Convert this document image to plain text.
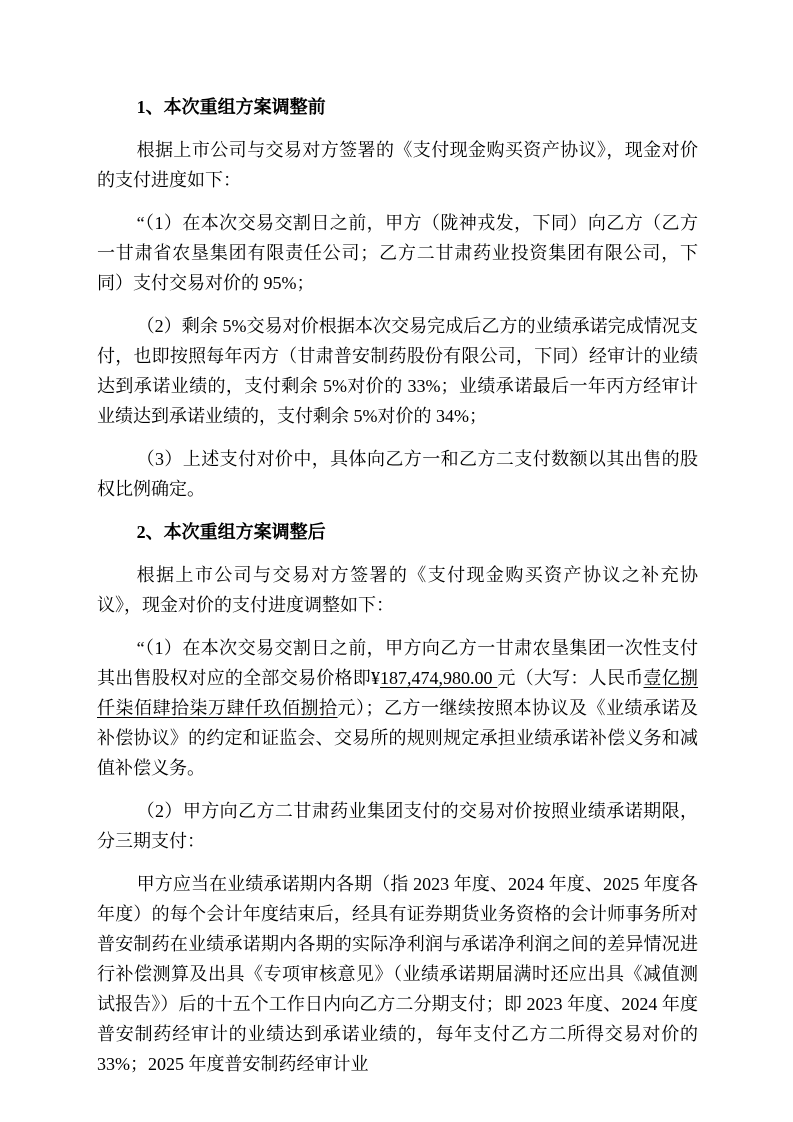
1、本次重组方案调整前

根据上市公司与交易对方签署的《支付现金购买资产协议》，现金对价的支付进度如下：

“（1）在本次交易交割日之前，甲方（陇神戎发，下同）向乙方（乙方一甘肃省农垦集团有限责任公司；乙方二甘肃药业投资集团有限公司，下同）支付交易对价的 95%；

（2）剩余 5%交易对价根据本次交易完成后乙方的业绩承诺完成情况支付，也即按照每年丙方（甘肃普安制药股份有限公司，下同）经审计的业绩达到承诺业绩的，支付剩余 5%对价的 33%；业绩承诺最后一年丙方经审计业绩达到承诺业绩的，支付剩余 5%对价的 34%；

（3）上述支付对价中，具体向乙方一和乙方二支付数额以其出售的股权比例确定。

2、本次重组方案调整后

根据上市公司与交易对方签署的《支付现金购买资产协议之补充协议》，现金对价的支付进度调整如下：

“（1）在本次交易交割日之前，甲方向乙方一甘肃农垦集团一次性支付其出售股权对应的全部交易价格即¥187,474,980.00 元（大写：人民币壹亿捌仟柒佰肆拾柒万肆仟玖佰捌拾元）；乙方一继续按照本协议及《业绩承诺及补偿协议》的约定和证监会、交易所的规则规定承担业绩承诺补偿义务和减值补偿义务。

（2）甲方向乙方二甘肃药业集团支付的交易对价按照业绩承诺期限，分三期支付：

甲方应当在业绩承诺期内各期（指 2023 年度、2024 年度、2025 年度各年度）的每个会计年度结束后，经具有证券期货业务资格的会计师事务所对普安制药在业绩承诺期内各期的实际净利润与承诺净利润之间的差异情况进行补偿测算及出具《专项审核意见》（业绩承诺期届满时还应出具《减值测试报告》）后的十五个工作日内向乙方二分期支付；即 2023 年度、2024 年度普安制药经审计的业绩达到承诺业绩的，每年支付乙方二所得交易对价的 33%；2025 年度普安制药经审计业
